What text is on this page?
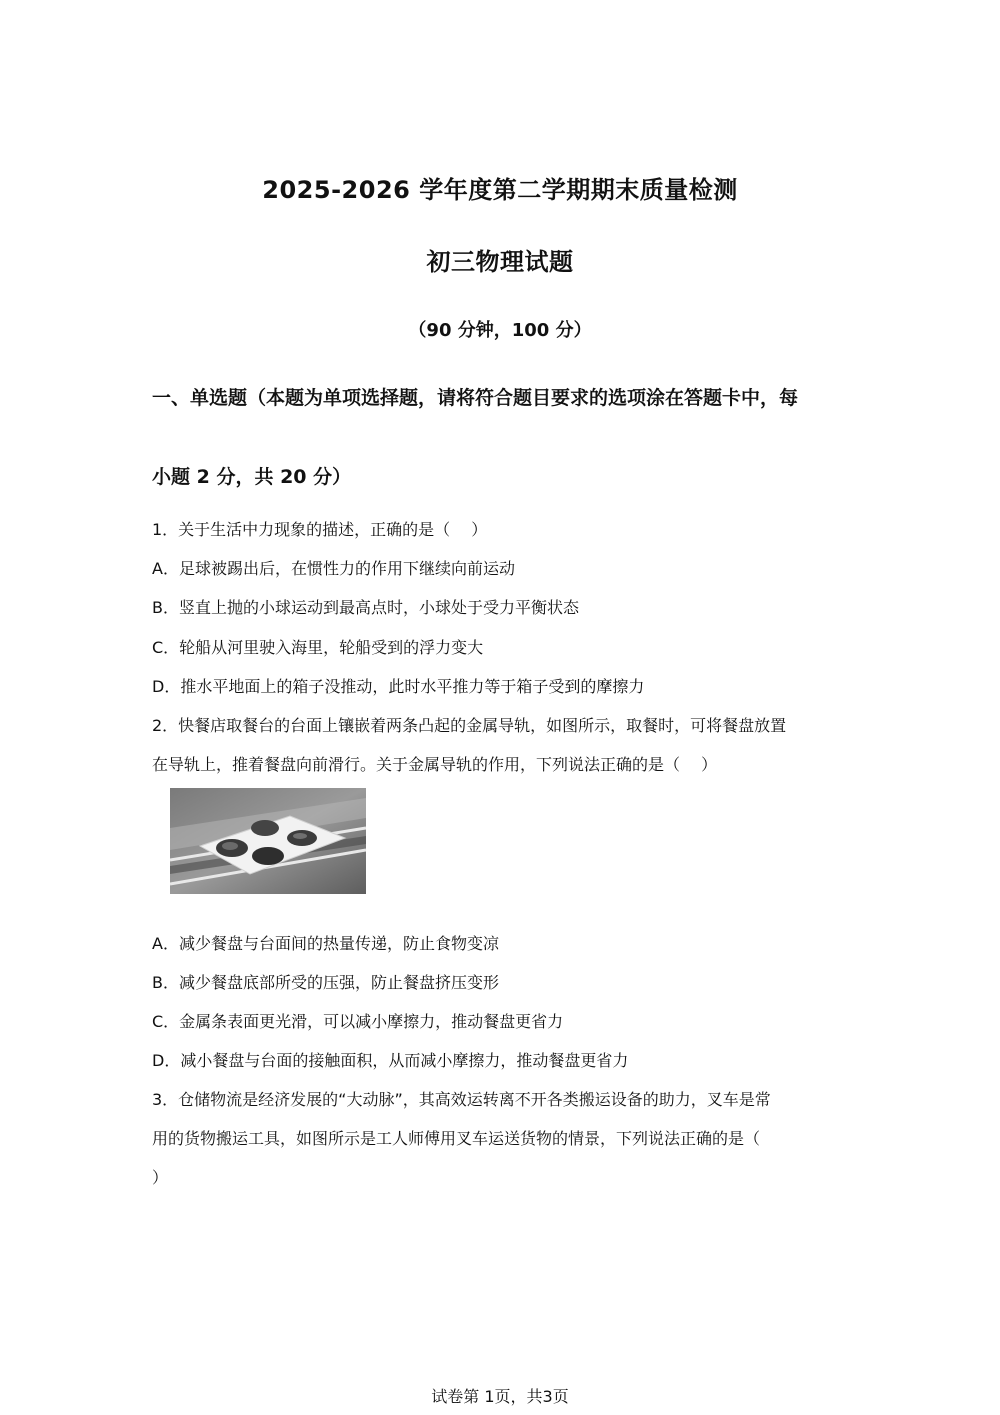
2025-2026 学年度第二学期期末质量检测
初三物理试题
（90 分钟，100 分）
一、单选题（本题为单项选择题，请将符合题目要求的选项涂在答题卡中，每
小题 2 分，共 20 分）
1．关于生活中力现象的描述，正确的是（　 ）
A．足球被踢出后，在惯性力的作用下继续向前运动
B．竖直上抛的小球运动到最高点时，小球处于受力平衡状态
C．轮船从河里驶入海里，轮船受到的浮力变大
D．推水平地面上的箱子没推动，此时水平推力等于箱子受到的摩擦力
2．快餐店取餐台的台面上镶嵌着两条凸起的金属导轨，如图所示，取餐时，可将餐盘放置
在导轨上，推着餐盘向前滑行。关于金属导轨的作用，下列说法正确的是（　 ）
A．减少餐盘与台面间的热量传递，防止食物变凉
B．减少餐盘底部所受的压强，防止餐盘挤压变形
C．金属条表面更光滑，可以减小摩擦力，推动餐盘更省力
D．减小餐盘与台面的接触面积，从而减小摩擦力，推动餐盘更省力
3．仓储物流是经济发展的“大动脉”，其高效运转离不开各类搬运设备的助力，叉车是常
用的货物搬运工具，如图所示是工人师傅用叉车运送货物的情景，下列说法正确的是（
）
试卷第 1页，共3页
